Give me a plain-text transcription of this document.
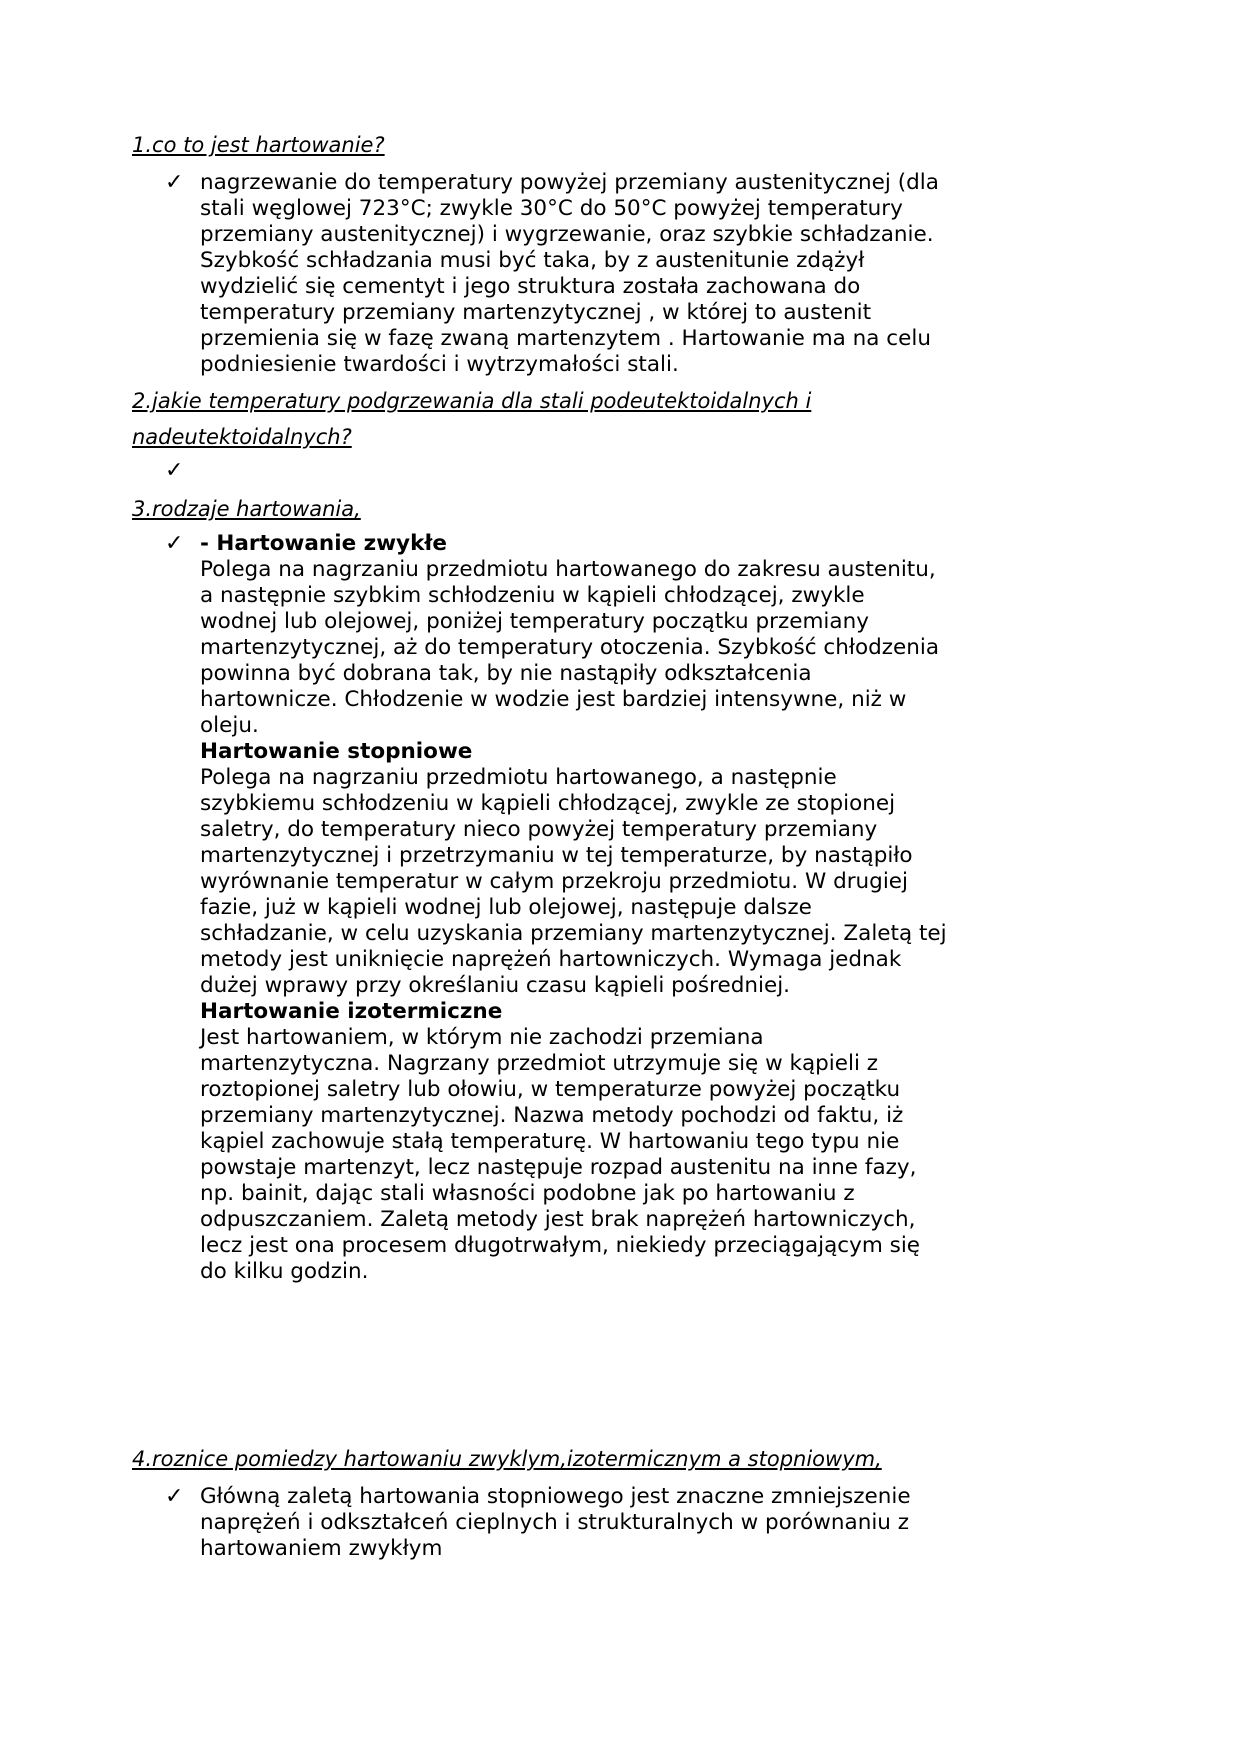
1.co to jest hartowanie?
✓ nagrzewanie do temperatury powyżej przemiany austenitycznej (dla
stali węglowej 723°C; zwykle 30°C do 50°C powyżej temperatury
przemiany austenitycznej) i wygrzewanie, oraz szybkie schładzanie.
Szybkość schładzania musi być taka, by z austenitunie zdążył
wydzielić się cementyt i jego struktura została zachowana do
temperatury przemiany martenzytycznej , w której to austenit
przemienia się w fazę zwaną martenzytem . Hartowanie ma na celu
podniesienie twardości i wytrzymałości stali.
2.jakie temperatury podgrzewania dla stali podeutektoidalnych i
nadeutektoidalnych?
✓
3.rodzaje hartowania,
✓ - Hartowanie zwykłe
Polega na nagrzaniu przedmiotu hartowanego do zakresu austenitu,
a następnie szybkim schłodzeniu w kąpieli chłodzącej, zwykle
wodnej lub olejowej, poniżej temperatury początku przemiany
martenzytycznej, aż do temperatury otoczenia. Szybkość chłodzenia
powinna być dobrana tak, by nie nastąpiły odkształcenia
hartownicze. Chłodzenie w wodzie jest bardziej intensywne, niż w
oleju.
Hartowanie stopniowe
Polega na nagrzaniu przedmiotu hartowanego, a następnie
szybkiemu schłodzeniu w kąpieli chłodzącej, zwykle ze stopionej
saletry, do temperatury nieco powyżej temperatury przemiany
martenzytycznej i przetrzymaniu w tej temperaturze, by nastąpiło
wyrównanie temperatur w całym przekroju przedmiotu. W drugiej
fazie, już w kąpieli wodnej lub olejowej, następuje dalsze
schładzanie, w celu uzyskania przemiany martenzytycznej. Zaletą tej
metody jest uniknięcie naprężeń hartowniczych. Wymaga jednak
dużej wprawy przy określaniu czasu kąpieli pośredniej.
Hartowanie izotermiczne
Jest hartowaniem, w którym nie zachodzi przemiana
martenzytyczna. Nagrzany przedmiot utrzymuje się w kąpieli z
roztopionej saletry lub ołowiu, w temperaturze powyżej początku
przemiany martenzytycznej. Nazwa metody pochodzi od faktu, iż
kąpiel zachowuje stałą temperaturę. W hartowaniu tego typu nie
powstaje martenzyt, lecz następuje rozpad austenitu na inne fazy,
np. bainit, dając stali własności podobne jak po hartowaniu z
odpuszczaniem. Zaletą metody jest brak naprężeń hartowniczych,
lecz jest ona procesem długotrwałym, niekiedy przeciągającym się
do kilku godzin.
4.roznice pomiedzy hartowaniu zwyklym,izotermicznym a stopniowym,
✓ Główną zaletą hartowania stopniowego jest znaczne zmniejszenie
naprężeń i odkształceń cieplnych i strukturalnych w porównaniu z
hartowaniem zwykłym
